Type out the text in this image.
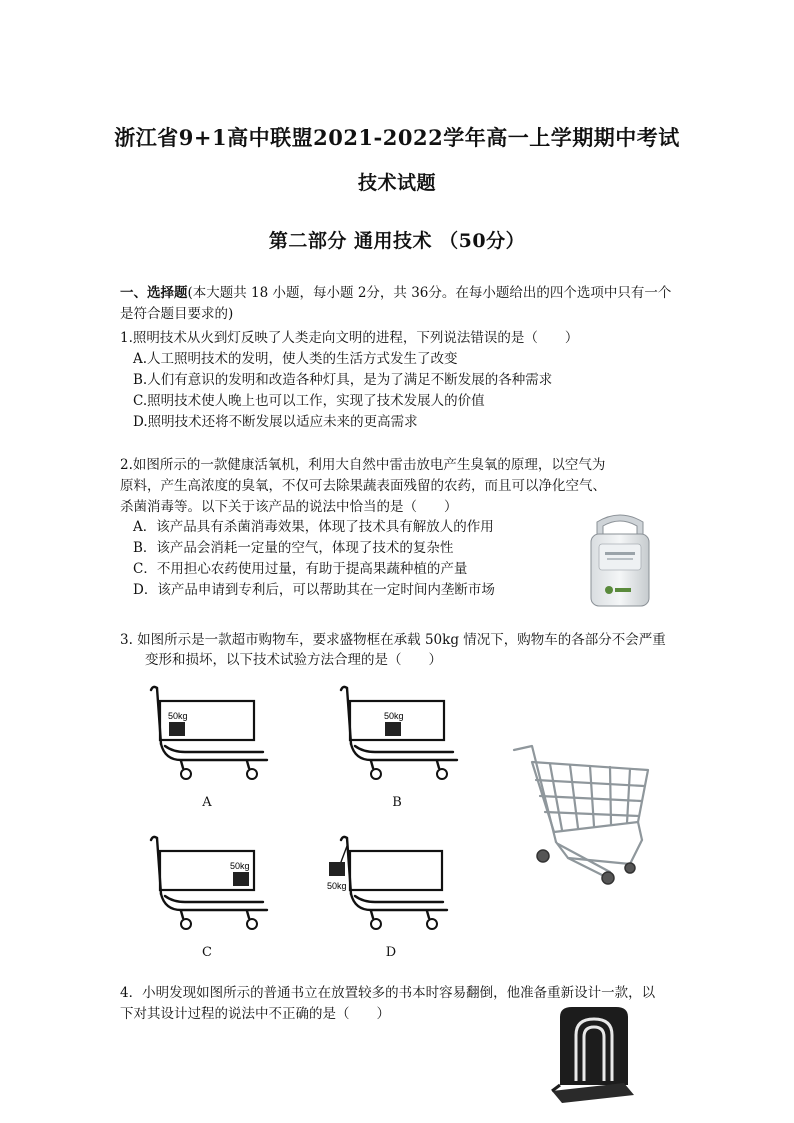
浙江省9+1高中联盟2021-2022学年高一上学期期中考试
技术试题
第二部分 通用技术 （50分）
一、选择题(本大题共 18 小题，每小题 2分，共 36分。在每小题给出的四个选项中只有一个是符合题目要求的)
1.照明技术从火到灯反映了人类走向文明的进程，下列说法错误的是（　　）
A.人工照明技术的发明，使人类的生活方式发生了改变
B.人们有意识的发明和改造各种灯具，是为了满足不断发展的各种需求
C.照明技术使人晚上也可以工作，实现了技术发展人的价值
D.照明技术还将不断发展以适应未来的更高需求
2.如图所示的一款健康活氧机，利用大自然中雷击放电产生臭氧的原理，以空气为
原料，产生高浓度的臭氧，不仅可去除果蔬表面残留的农药，而且可以净化空气、
杀菌消毒等。以下关于该产品的说法中恰当的是（　　）
A．该产品具有杀菌消毒效果，体现了技术具有解放人的作用
B．该产品会消耗一定量的空气，体现了技术的复杂性
C．不用担心农药使用过量，有助于提高果蔬种植的产量
D．该产品申请到专利后，可以帮助其在一定时间内垄断市场
3. 如图所示是一款超市购物车，要求盛物框在承载 50kg 情况下，购物车的各部分不会严重
变形和损坏，以下技术试验方法合理的是（　　）
50kg
A
50kg
B
50kg
C
50kg
D
4．小明发现如图所示的普通书立在放置较多的书本时容易翻倒，他准备重新设计一款，以
下对其设计过程的说法中不正确的是（　　）
